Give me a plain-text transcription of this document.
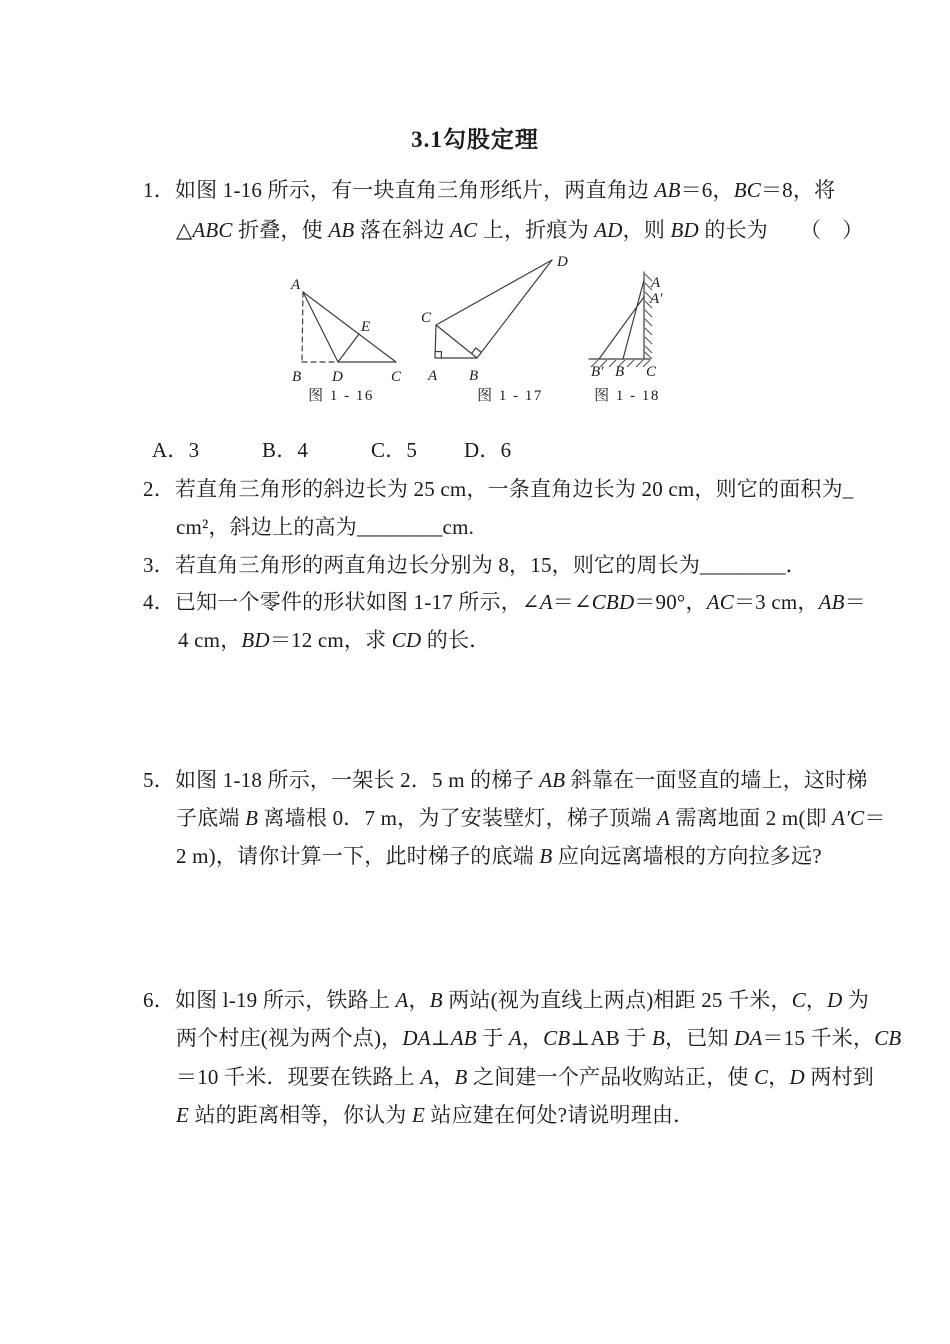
3.1勾股定理
1．如图 1-16 所示，有一块直角三角形纸片，两直角边 AB＝6，BC＝8，将
△ABC 折叠，使 AB 落在斜边 AC 上，折痕为 AD，则 BD 的长为　　（　）
A
B D	C
E
图 1 - 16
A B
C
D
图 1 - 17
A
A′
B′ B C
图 1 - 18
A．3	B．4	C．5 D．6
2．若直角三角形的斜边长为 25 cm，一条直角边长为 20 cm，则它的面积为_
cm²，斜边上的高为________cm.
3．若直角三角形的两直角边长分别为 8，15，则它的周长为________．
4．已知一个零件的形状如图 1-17 所示，∠A＝∠CBD＝90°，AC＝3 cm，AB＝
4 cm，BD＝12 cm，求 CD 的长．
5．如图 1-18 所示，一架长 2．5 m 的梯子 AB 斜靠在一面竖直的墙上，这时梯
子底端 B 离墙根 0．7 m，为了安装壁灯，梯子顶端 A 需离地面 2 m(即 A′C＝
2 m)，请你计算一下，此时梯子的底端 B 应向远离墙根的方向拉多远?
6．如图 l-19 所示，铁路上 A，B 两站(视为直线上两点)相距 25 千米，C，D 为
两个村庄(视为两个点)，DA⊥AB 于 A，CB⊥AB 于 B，已知 DA＝15 千米，CB
＝10 千米．现要在铁路上 A，B 之间建一个产品收购站正，使 C，D 两村到
E 站的距离相等，你认为 E 站应建在何处?请说明理由．
